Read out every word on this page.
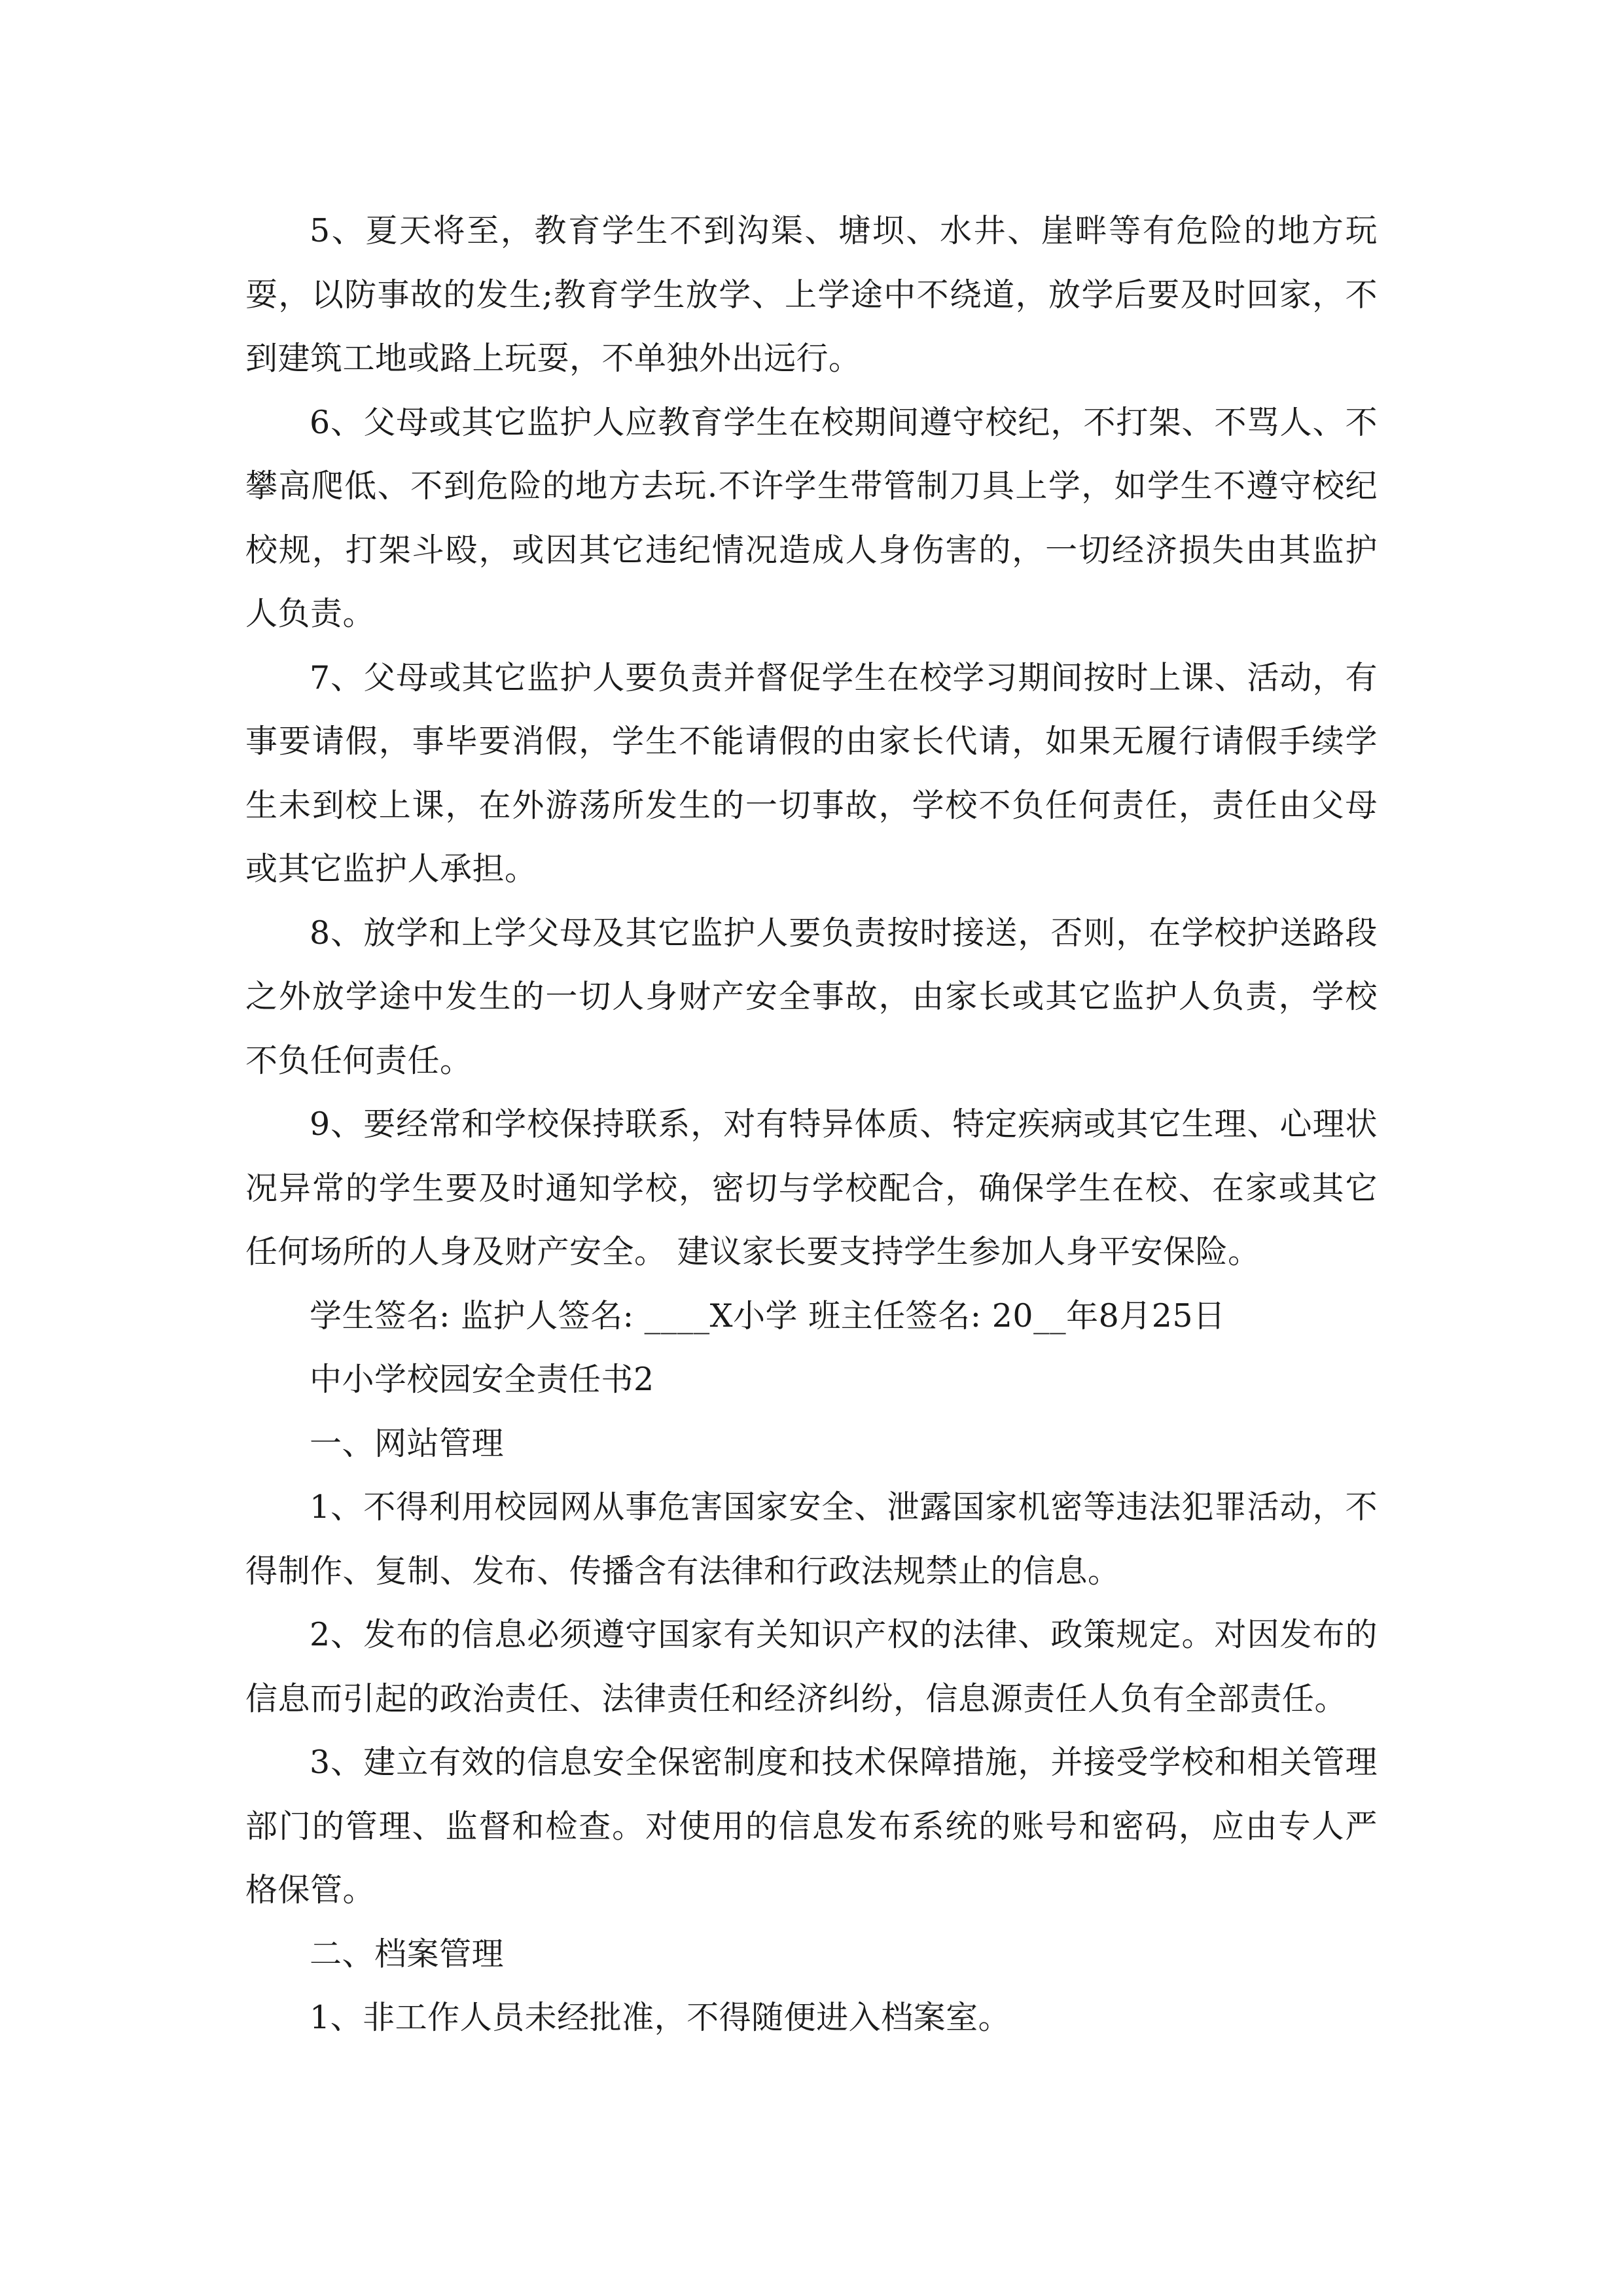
5、夏天将至，教育学生不到沟渠、塘坝、水井、崖畔等有危险的地方玩耍，以防事故的发生;教育学生放学、上学途中不绕道，放学后要及时回家，不到建筑工地或路上玩耍，不单独外出远行。

6、父母或其它监护人应教育学生在校期间遵守校纪，不打架、不骂人、不攀高爬低、不到危险的地方去玩.不许学生带管制刀具上学，如学生不遵守校纪校规，打架斗殴，或因其它违纪情况造成人身伤害的，一切经济损失由其监护人负责。

7、父母或其它监护人要负责并督促学生在校学习期间按时上课、活动，有事要请假，事毕要消假，学生不能请假的由家长代请，如果无履行请假手续学生未到校上课，在外游荡所发生的一切事故，学校不负任何责任，责任由父母或其它监护人承担。

8、放学和上学父母及其它监护人要负责按时接送，否则，在学校护送路段之外放学途中发生的一切人身财产安全事故，由家长或其它监护人负责，学校不负任何责任。

9、要经常和学校保持联系，对有特异体质、特定疾病或其它生理、心理状况异常的学生要及时通知学校，密切与学校配合，确保学生在校、在家或其它任何场所的人身及财产安全。 建议家长要支持学生参加人身平安保险。

学生签名: 监护人签名: ____X小学 班主任签名: 20__年8月25日

中小学校园安全责任书2

一、网站管理

1、不得利用校园网从事危害国家安全、泄露国家机密等违法犯罪活动，不得制作、复制、发布、传播含有法律和行政法规禁止的信息。

2、发布的信息必须遵守国家有关知识产权的法律、政策规定。对因发布的信息而引起的政治责任、法律责任和经济纠纷，信息源责任人负有全部责任。

3、建立有效的信息安全保密制度和技术保障措施，并接受学校和相关管理部门的管理、监督和检查。对使用的信息发布系统的账号和密码，应由专人严格保管。

二、档案管理

1、非工作人员未经批准，不得随便进入档案室。
